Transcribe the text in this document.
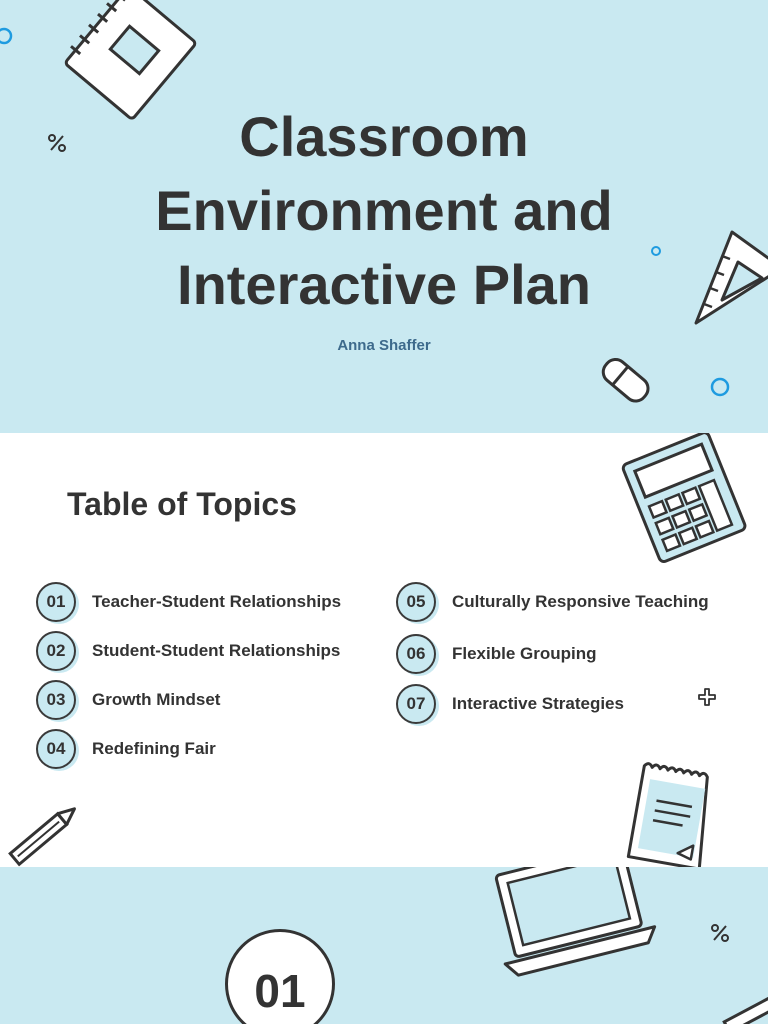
Classroom
Environment and
Interactive Plan
Anna Shaffer
Table of Topics
01	Teacher-Student Relationships
02	Student-Student Relationships
03	Growth Mindset
04	Redefining Fair
05	Culturally Responsive Teaching
06	Flexible Grouping
07	Interactive Strategies
01
